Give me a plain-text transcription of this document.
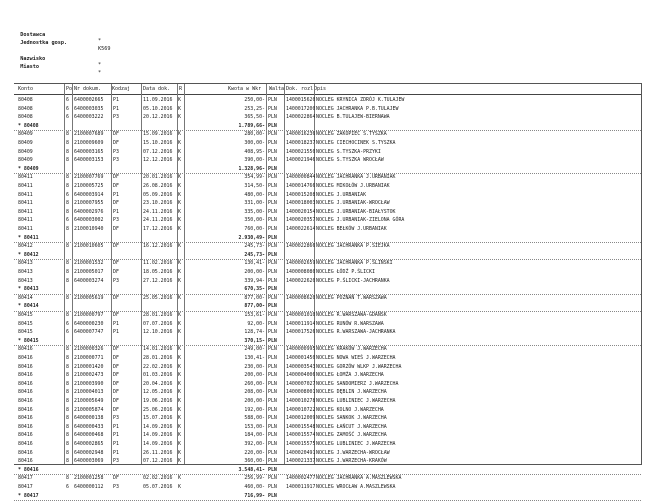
Dostawca

*

Jednostka gosp.

K569

Nazwisko

*

Miasto

*

Konto	Po Nr dokum. Kodzaj	Data dok. R	Kwota w Wkr Walta Dok. rozl.
Opis
80408	6	6400002665	P1	11.09.2016	K	250,00- PLN	1400015620 NOCLEG KRYNICA ZDRÓJ K.TULAJEW
80408	6	6400003035	P1	05.10.2016	K	253,25- PLN	1400017200 NOCLEG JACHRANKA P.B.TULAJEW
80408	6	6400003222	P3	20.12.2016	K	365,50- PLN	1400022864 NOCLEG B.TULAJEW-BIERNAWA
* 80408	1.789,66- PLN
80409	8	2100007689	DF	15.09.2016	K	280,00- PLN	1400016236 NOCLEG ZAKOPIEC S.TYSZKA
80409	8	2100009609	DF	15.10.2016	K	300,00- PLN	1400018237 NOCLEG CIECHOCINEK S.TYSZKA
80409	8	6400003165	P3	07.12.2016	K	408,95- PLN	1400021550 NOCLEG S.TYSZKA-PRZYKI
80409	8	6400003153	P3	12.12.2016	K	390,00- PLN	1400021946 NOCLEG S.TYSZKA WROCŁAW
* 80409	1.328,96- PLN
80411	8	2100007769	DF	20.01.2016	K	354,99- PLN	1400000844 NOCLEG JACHRANKA J.URBANIAK
80411	8	2100005725	DF	26.08.2016	K	314,50- PLN	1400014766 NOCLEG MIKOŁÓW J.URBANIAK
80411	6	6400003914	P1	05.09.2016	K	480,00- PLN	1400015208 NOCLEG J.URBANIAK
80411	8	2100007955	DF	23.10.2016	K	331,00- PLN	1400018003 NOCLEG J.URBANIAK-WROCŁAW
80411	8	6400002976	P1	24.11.2016	K	335,00- PLN	1400020154 NOCLEG J.URBANIAK-BIAŁYSTOK
80411	6	6400003002	P3	24.11.2016	K	350,00- PLN	1400020357 NOCLEG J.URBANIAK-ZIELONA GÓRA
80411	8	2100010940	DF	17.12.2016	K	760,00- PLN	1400022614 NOCLEG BEŁKÓW J.URBANIAK
* 80411	2.930,49- PLN
80412	8	2100010605	DF	16.12.2016	K	245,73- PLN	1400022866 NOCLEG JACHRANKA P.SIEJKA
* 80412	245,73- PLN
80413	8	2100001532	DF	11.02.2016	K	130,41- PLN	1400002659 NOCLEG JACHRANKA P.ŚLIŃSKI
80413	8	2100005017	DF	18.05.2016	K	200,00- PLN	1400008080 NOCLEG ŁÓDŹ P.ŚLICKI
80413	8	6400003274	P3	27.12.2016	K	339,94- PLN	1400022620 NOCLEG P.ŚLICKI-JACHRANKA
* 80413	670,35- PLN
80414	8	2100005619	DF	25.05.2016	K	877,00- PLN	1400008620 NOCLEG POZNAŃ T.WARSZAWA
* 80414	877,00- PLN
80415	8	2100000797	DF	28.01.2016	K	153,61- PLN	1400001010 NOCLEG R.WARSZAWA-GDAŃSK
80415	6	6400000230	P1	07.07.2016	K	92,00- PLN	1400011914 NOCLEG RUNÓW R.WARSZAWA
80415	6	6400007747	P1	12.10.2016	K	128,74- PLN	1400017526 NOCLEG R.WARSZAWA-JACHRANKA
* 80415	370,15- PLN
80416	8	2100000326	DF	14.01.2016	K	249,00- PLN	1400000995 NOCLEG KRAKÓW J.WARZECHA
80416	8	2100000771	DF	28.01.2016	K	130,41- PLN	1400001450 NOCLEG NOWA WIEŚ J.WARZECHA
80416	8	2100001420	DF	22.02.2016	K	230,00- PLN	1400003543 NOCLEG GORZÓW WLKP J.WARZECHA
80416	8	2100002473	DF	01.03.2016	K	200,00- PLN	1400004006 NOCLEG ŁOMŻA J.WARZECHA
80416	8	2100003990	DF	20.04.2016	K	260,00- PLN	1400007027 NOCLEG SANDOMIERZ J.WARZECHA
80416	8	2100004013	DF	12.05.2016	K	208,00- PLN	1400008001 NOCLEG DĘBLIN J.WARZECHA
80416	8	2100005649	DF	19.06.2016	K	200,00- PLN	1400010278 NOCLEG LUBLINIEC J.WARZECHA
80416	8	2100005874	DF	25.06.2016	K	192,00- PLN	1400010722 NOCLEG KOLNO J.WARZECHA
80416	8	6400000138	P3	15.07.2016	K	588,00- PLN	1400012009 NOCLEG SANKOK J.WARZECHA
80416	8	6400000433	P1	14.09.2016	K	153,00- PLN	1400015548 NOCLEG ŁAŃCUT J.WARZECHA
80416	8	6400000468	P1	14.09.2016	K	184,00- PLN	1400015574 NOCLEG ZAMOŚĆ J.WARZECHA
80416	8	6400002865	P1	14.09.2016	K	392,00- PLN	1400015575 NOCLEG LUBLINIEC J.WARZECHA
80416	8	6400002948	P1	26.11.2016	K	220,00- PLN	1400020491 NOCLEG J.WARZECHA-WROCŁAW
80416	8	6400003069	P3	07.12.2016	K	360,00- PLN	1400021337 NOCLEG J.WARZECHA-KRAKÓW
* 80416	3.548,41- PLN
80417	8	2100001258	DF	02.02.2016	K	256,99- PLN	1400002477 NOCLEG JACHRANKA A.MASZLEWSKA
80417	6	6400000112	P3	05.07.2016	K	460,00- PLN	1400011917 NOCLEG WROCŁAW A.MASZLEWSKA
* 80417	716,99- PLN
